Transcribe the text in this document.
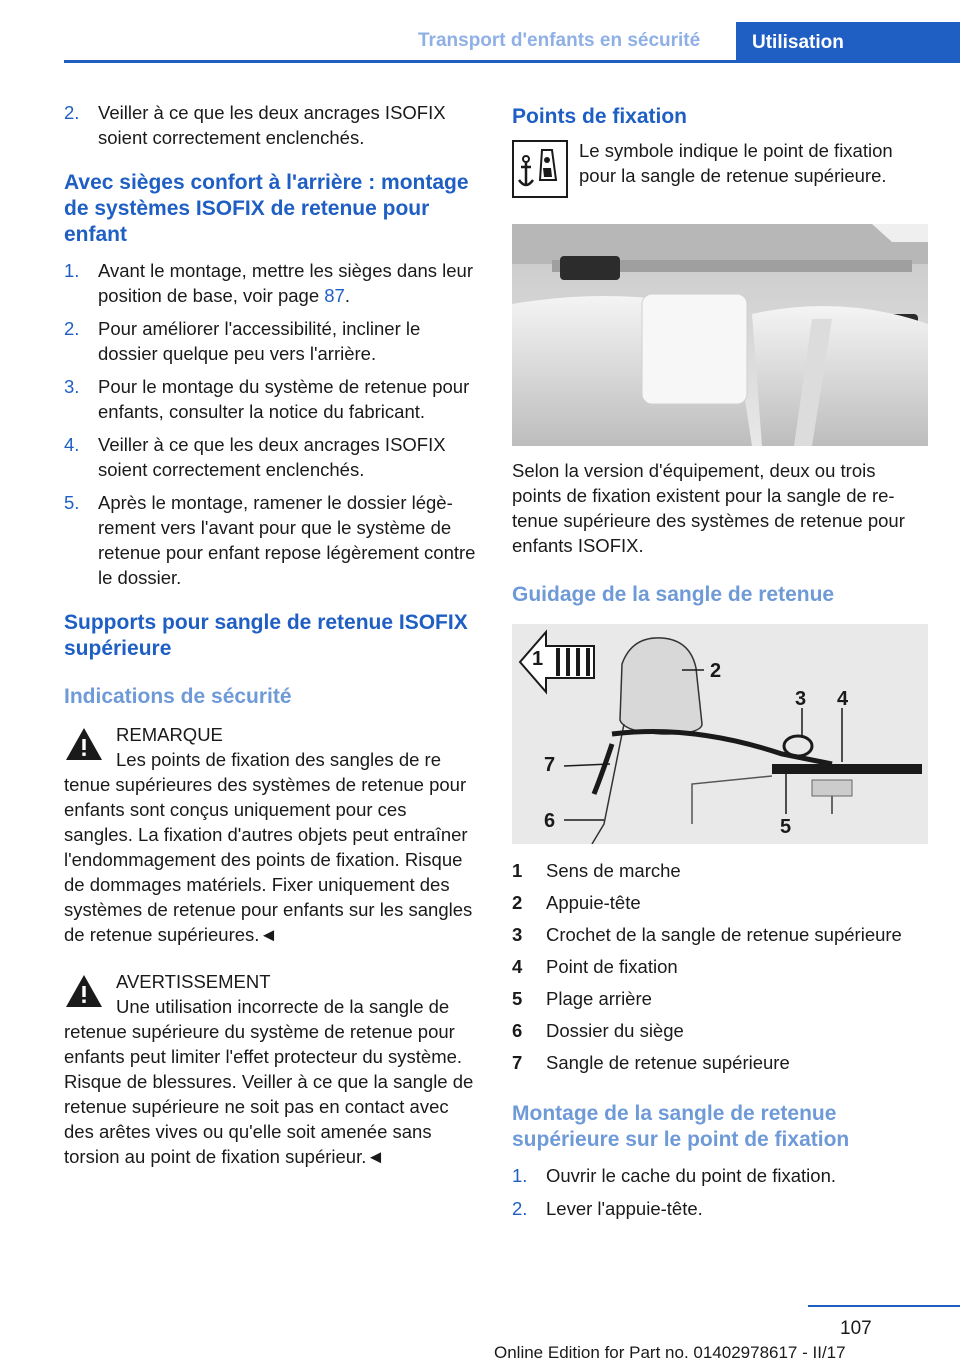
Transport d'enfants en sécurité	Utilisation
2.	Veiller à ce que les deux ancrages ISOFIX soient correctement enclenchés.
Avec sièges confort à l'arrière : montage de systèmes ISOFIX de retenue pour enfant
1.	Avant le montage, mettre les sièges dans leur position de base, voir page 87.
2.	Pour améliorer l'accessibilité, incliner le dossier quelque peu vers l'arrière.
3.	Pour le montage du système de retenue pour enfants, consulter la notice du fabricant.
4.	Veiller à ce que les deux ancrages ISOFIX soient correctement enclenchés.
5.	Après le montage, ramener le dossier légèrement vers l'avant pour que le système de retenue pour enfant repose légèrement contre le dossier.
Supports pour sangle de retenue ISOFIX supérieure
Indications de sécurité

REMARQUE

Les points de fixation des sangles de re

tenue supérieures des systèmes de retenue pour enfants sont conçus uniquement pour ces sangles. La fixation d'autres objets peut entraîner l'endommagement des points de fixation. Risque de dommages matériels. Fixer uniquement des systèmes de retenue pour enfants sur les sangles de retenue supérieures.◄

AVERTISSEMENT

Une utilisation incorrecte de la sangle de

retenue supérieure du système de retenue pour enfants peut limiter l'effet protecteur du système. Risque de blessures. Veiller à ce que la sangle de retenue supérieure ne soit pas en contact avec des arêtes vives ou qu'elle soit amenée sans torsion au point de fixation supérieur.◄

Points de fixation

Le symbole indique le point de fixation pour la sangle de retenue supérieure.

Selon la version d'équipement, deux ou trois points de fixation existent pour la sangle de retenue supérieure des systèmes de retenue pour enfants ISOFIX.

Guidage de la sangle de retenue
1
2
3 4
5
6
7
1	Sens de marche
2	Appuie-tête
3	Crochet de la sangle de retenue supérieure
4	Point de fixation
5	Plage arrière
6	Dossier du siège
7	Sangle de retenue supérieure
Montage de la sangle de retenue supérieure sur le point de fixation
1.	Ouvrir le cache du point de fixation.
2.	Lever l'appuie-tête.
107
Online Edition for Part no. 01402978617 - II/17
